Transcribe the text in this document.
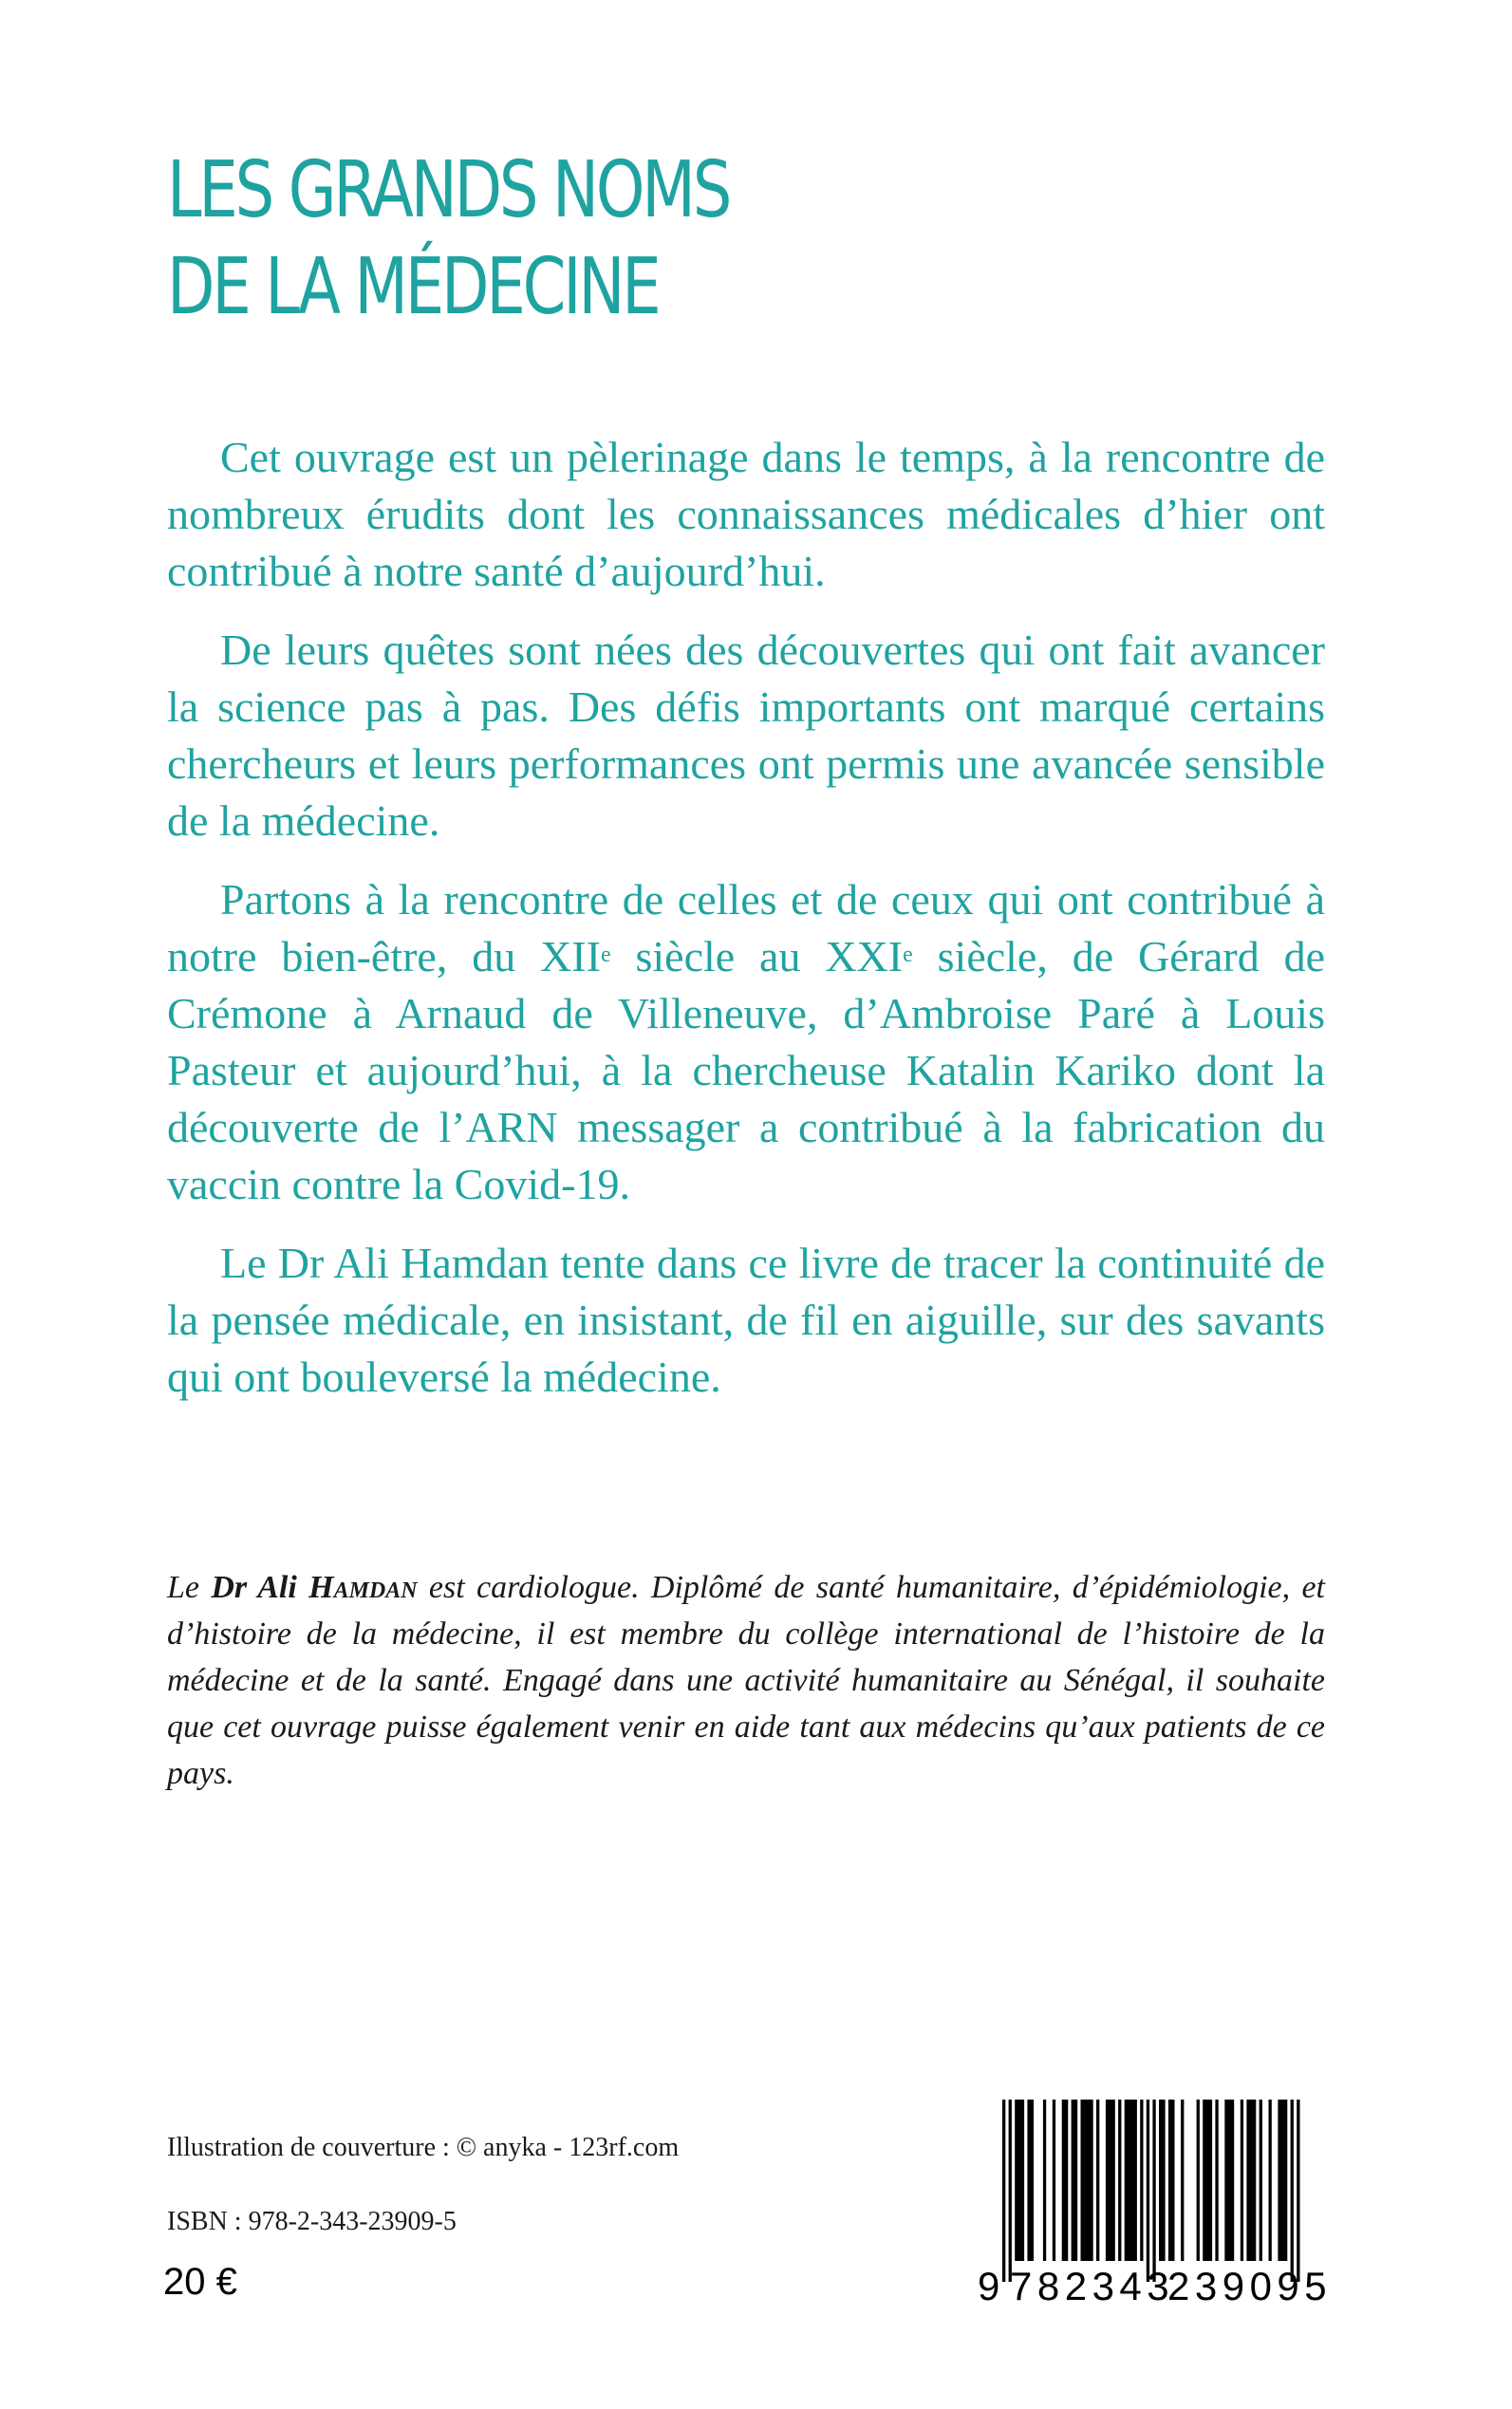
LES GRANDS NOMS
DE LA MÉDECINE

Cet ouvrage est un pèlerinage dans le temps, à la rencontre de nombreux érudits dont les connaissances médicales d’hier ont contribué à notre santé d’aujourd’hui.

De leurs quêtes sont nées des découvertes qui ont fait avancer la science pas à pas. Des défis importants ont marqué certains chercheurs et leurs performances ont permis une avancée sensible de la médecine.

Partons à la rencontre de celles et de ceux qui ont contribué à notre bien-être, du XIIe siècle au XXIe siècle, de Gérard de Crémone à Arnaud de Villeneuve, d’Ambroise Paré à Louis Pasteur et aujourd’hui, à la chercheuse Katalin Kariko dont la découverte de l’ARN messager a contribué à la fabrication du vaccin contre la Covid-19.

Le Dr Ali Hamdan tente dans ce livre de tracer la continuité de la pensée médicale, en insistant, de fil en aiguille, sur des savants qui ont bouleversé la médecine.

Le Dr Ali Hamdan est cardiologue. Diplômé de santé humanitaire, d’épidémiologie, et d’histoire de la médecine, il est membre du collège international de l’histoire de la médecine et de la santé. Engagé dans une activité humanitaire au Sénégal, il souhaite que cet ouvrage puisse également venir en aide tant aux médecins qu’aux patients de ce pays.

Illustration de couverture : © anyka - 123rf.com
ISBN : 978-2-343-23909-5
20 €	9 782343
239095
